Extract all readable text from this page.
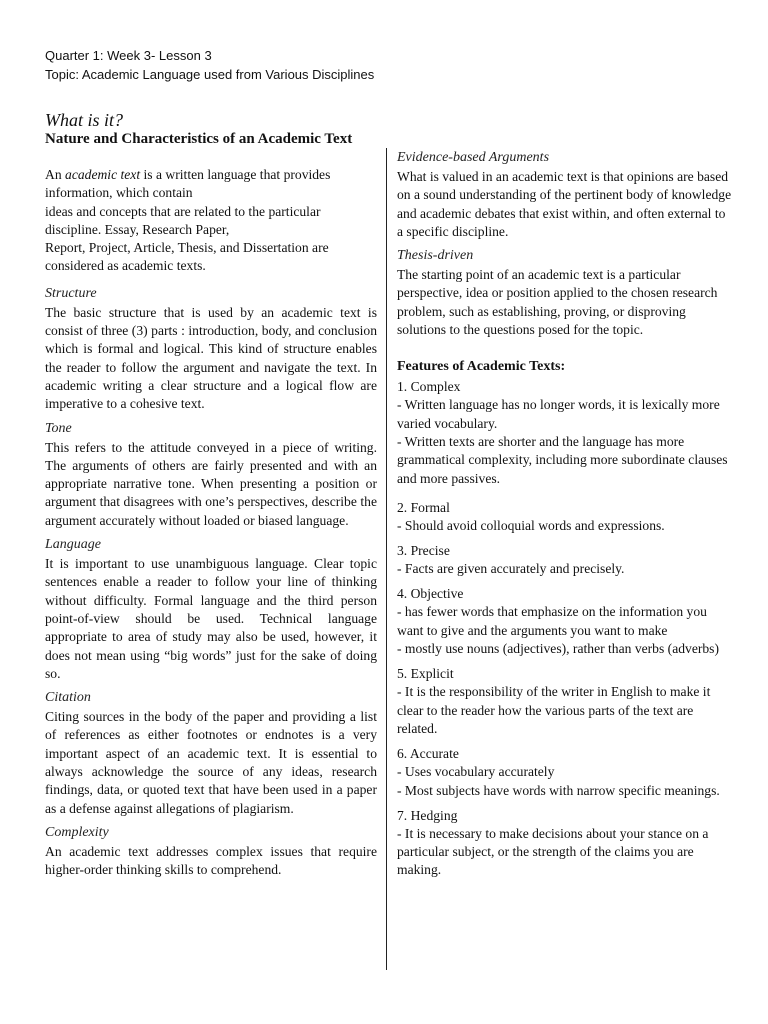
Quarter 1: Week 3- Lesson 3
Topic: Academic Language used from Various Disciplines
What is it?
Nature and Characteristics of an Academic Text

An academic text is a written language that provides information, which contain
ideas and concepts that are related to the particular discipline. Essay, Research Paper,
Report, Project, Article, Thesis, and Dissertation are considered as academic texts.

Structure

The basic structure that is used by an academic text is consist of three (3) parts : introduction, body, and conclusion which is formal and logical. This kind of structure enables the reader to follow the argument and navigate the text. In academic writing a clear structure and a logical flow are imperative to a cohesive text.

Tone

This refers to the attitude conveyed in a piece of writing. The arguments of others are fairly presented and with an appropriate narrative tone. When presenting a position or argument that disagrees with one’s perspectives, describe the argument accurately without loaded or biased language.

Language

It is important to use unambiguous language. Clear topic sentences enable a reader to follow your line of thinking without difficulty. Formal language and the third person point-of-view should be used. Technical language appropriate to area of study may also be used, however, it does not mean using “big words” just for the sake of doing so.

Citation

Citing sources in the body of the paper and providing a list of references as either footnotes or endnotes is a very important aspect of an academic text. It is essential to always acknowledge the source of any ideas, research findings, data, or quoted text that have been used in a paper as a defense against allegations of plagiarism.

Complexity

An academic text addresses complex issues that require higher-order thinking skills to comprehend.

Evidence-based Arguments

What is valued in an academic text is that opinions are based on a sound understanding of the pertinent body of knowledge and academic debates that exist within, and often external to a specific discipline.

Thesis-driven

The starting point of an academic text is a particular perspective, idea or position applied to the chosen research problem, such as establishing, proving, or disproving solutions to the questions posed for the topic.

Features of Academic Texts:

1. Complex

- Written language has no longer words, it is lexically more varied vocabulary.

- Written texts are shorter and the language has more grammatical complexity, including more subordinate clauses and more passives.

2. Formal

- Should avoid colloquial words and expressions.

3. Precise

- Facts are given accurately and precisely.

4. Objective

- has fewer words that emphasize on the information you want to give and the arguments you want to make

- mostly use nouns (adjectives), rather than verbs (adverbs)

5. Explicit

- It is the responsibility of the writer in English to make it clear to the reader how the various parts of the text are related.

6. Accurate

- Uses vocabulary accurately

- Most subjects have words with narrow specific meanings.

7. Hedging

- It is necessary to make decisions about your stance on a particular subject, or the strength of the claims you are making.
